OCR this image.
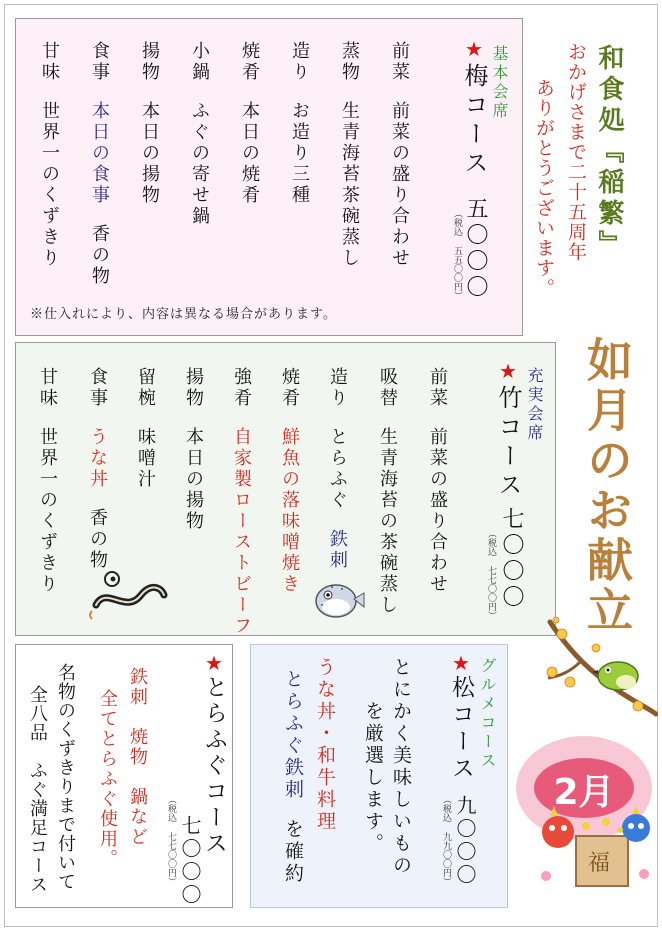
基本会席
★
梅コース
五〇〇〇
（税込 五五〇〇円）
前菜前菜の盛り合わせ
蒸物生青海苔茶碗蒸し
造りお造り三種
焼肴本日の焼肴
小鍋ふぐの寄せ鍋
揚物本日の揚物
食事本日の食事香の物
甘味世界一のくずきり
※仕入れにより、内容は異なる場合があります。
和食処『稲繁』
おかげさまで二十五周年
ありがとうございます。
如月のお献立
充実会席
★
竹コース
七〇〇〇
（税込 七七〇〇円）
前菜前菜の盛り合わせ
吸替生青海苔の茶碗蒸し
造りとらふぐ鉄刺
焼肴鮮魚の落味噌焼き
強肴自家製ローストビーフ
揚物本日の揚物
留椀味噌汁
食事うな丼香の物
甘味世界一のくずきり
★
とらふぐコース
七〇〇〇
（税込 七七〇〇円）
鉄刺　焼物　鍋など
全てとらふぐ使用。
名物のくずきりまで付いて
全八品　ふぐ満足コース	グルメコース
★
松コース
九〇〇〇
（税込 九九〇〇円）
とにかく美味しいもの
を厳選します。
うな丼・和牛料理
とらふぐ鉄刺を確約
2月
福
